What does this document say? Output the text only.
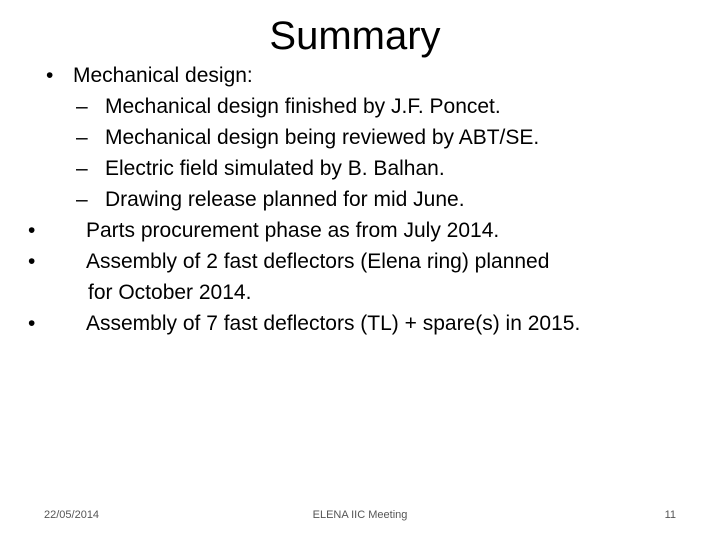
Summary
• Mechanical design:
– Mechanical design finished by J.F. Poncet.
– Mechanical design being reviewed by ABT/SE.
– Electric field simulated by B. Balhan.
– Drawing release planned for mid June.
•	Parts procurement phase as from July 2014.
•	Assembly of 2 fast deflectors (Elena ring) planned
for October 2014.
•	Assembly of 7 fast deflectors (TL) + spare(s) in 2015.
22/05/2014	ELENA IIC Meeting	11
